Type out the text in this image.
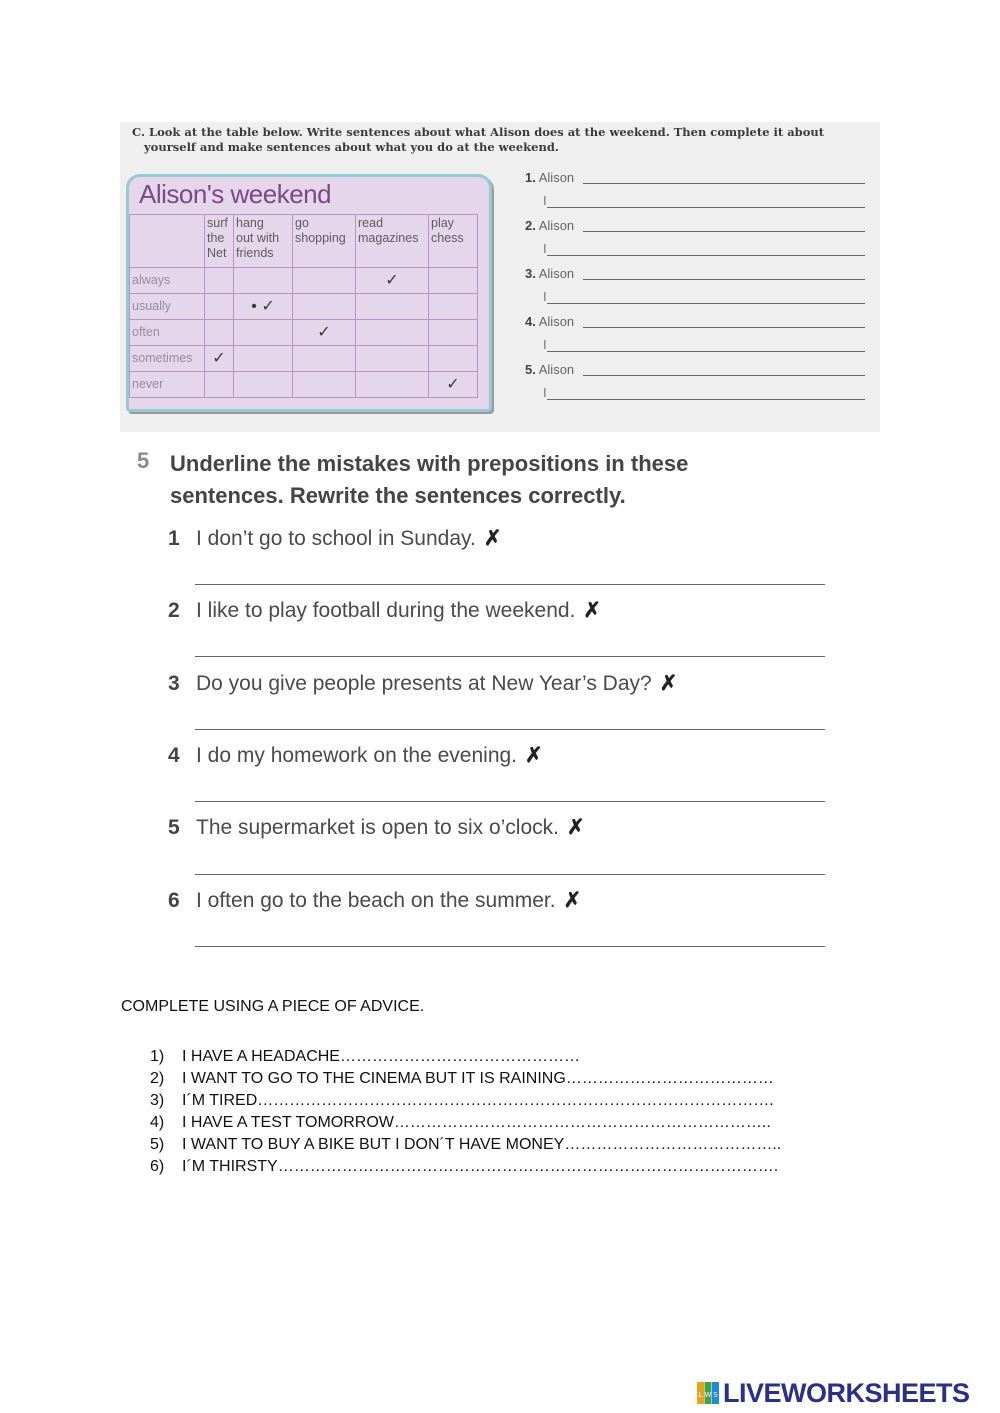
C. Look at the table below. Write sentences about what Alison does at the weekend. Then complete it about
yourself and make sentences about what you do at the weekend.
Alison's weekend
	surf
the
Net	hang
out with
friends	go
shopping	read
magazines	play
chess
always				✓	
usually		• ✓			
often			✓		
sometimes	✓				
never					✓
1. Alison
I
2. Alison
I
3. Alison
I
4. Alison
I
5. Alison
I
5 Underline the mistakes with prepositions in these sentences. Rewrite the sentences correctly.
1 I don’t go to school in Sunday. ✗
2 I like to play football during the weekend. ✗
3 Do you give people presents at New Year’s Day? ✗
4 I do my homework on the evening. ✗
5 The supermarket is open to six o’clock. ✗
6 I often go to the beach on the summer. ✗
COMPLETE USING A PIECE OF ADVICE.
1) I HAVE A HEADACHE………………………………………
2) I WANT TO GO TO THE CINEMA BUT IT IS RAINING…………………………………
3) I´M TIRED…………………………………………………………………………………….
4) I HAVE A TEST TOMORROW……………………………………………………………..
5) I WANT TO BUY A BIKE BUT I DON´T HAVE MONEY…………………………………..
6) I´M THIRSTY………………………………………………………………………………….
L W S LIVEWORKSHEETS
